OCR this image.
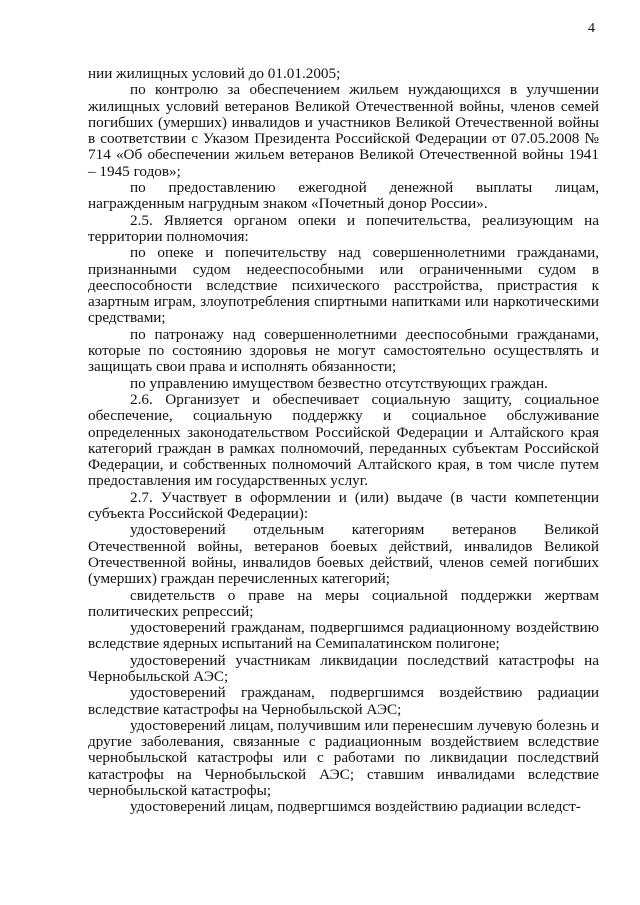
4

нии жилищных условий до 01.01.2005;

по контролю за обеспечением жильем нуждающихся в улучшении жилищных условий ветеранов Великой Отечественной войны, членов семей погибших (умерших) инвалидов и участников Великой Отечественной войны в соответствии с Указом Президента Российской Федерации от 07.05.2008 № 714 «Об обеспечении жильем ветеранов Великой Отечественной войны 1941 – 1945 годов»;

по предоставлению ежегодной денежной выплаты лицам, награжденным нагрудным знаком «Почетный донор России».

2.5. Является органом опеки и попечительства, реализующим на территории полномочия:

по опеке и попечительству над совершеннолетними гражданами, признанными судом недееспособными или ограниченными судом в дееспособности вследствие психического расстройства, пристрастия к азартным играм, злоупотребления спиртными напитками или наркотическими средствами;

по патронажу над совершеннолетними дееспособными гражданами, которые по состоянию здоровья не могут самостоятельно осуществлять и защищать свои права и исполнять обязанности;

по управлению имуществом безвестно отсутствующих граждан.

2.6. Организует и обеспечивает социальную защиту, социальное обеспечение, социальную поддержку и социальное обслуживание определенных законодательством Российской Федерации и Алтайского края категорий граждан в рамках полномочий, переданных субъектам Российской Федерации, и собственных полномочий Алтайского края, в том числе путем предоставления им государственных услуг.

2.7. Участвует в оформлении и (или) выдаче (в части компетенции субъекта Российской Федерации):

удостоверений отдельным категориям ветеранов Великой Отечественной войны, ветеранов боевых действий, инвалидов Великой Отечественной войны, инвалидов боевых действий, членов семей погибших (умерших) граждан перечисленных категорий;

свидетельств о праве на меры социальной поддержки жертвам политических репрессий;

удостоверений гражданам, подвергшимся радиационному воздействию вследствие ядерных испытаний на Семипалатинском полигоне;

удостоверений участникам ликвидации последствий катастрофы на Чернобыльской АЭС;

удостоверений гражданам, подвергшимся воздействию радиации вследствие катастрофы на Чернобыльской АЭС;

удостоверений лицам, получившим или перенесшим лучевую болезнь и другие заболевания, связанные с радиационным воздействием вследствие чернобыльской катастрофы или с работами по ликвидации последствий катастрофы на Чернобыльской АЭС; ставшим инвалидами вследствие чернобыльской катастрофы;

удостоверений лицам, подвергшимся воздействию радиации вследст-
